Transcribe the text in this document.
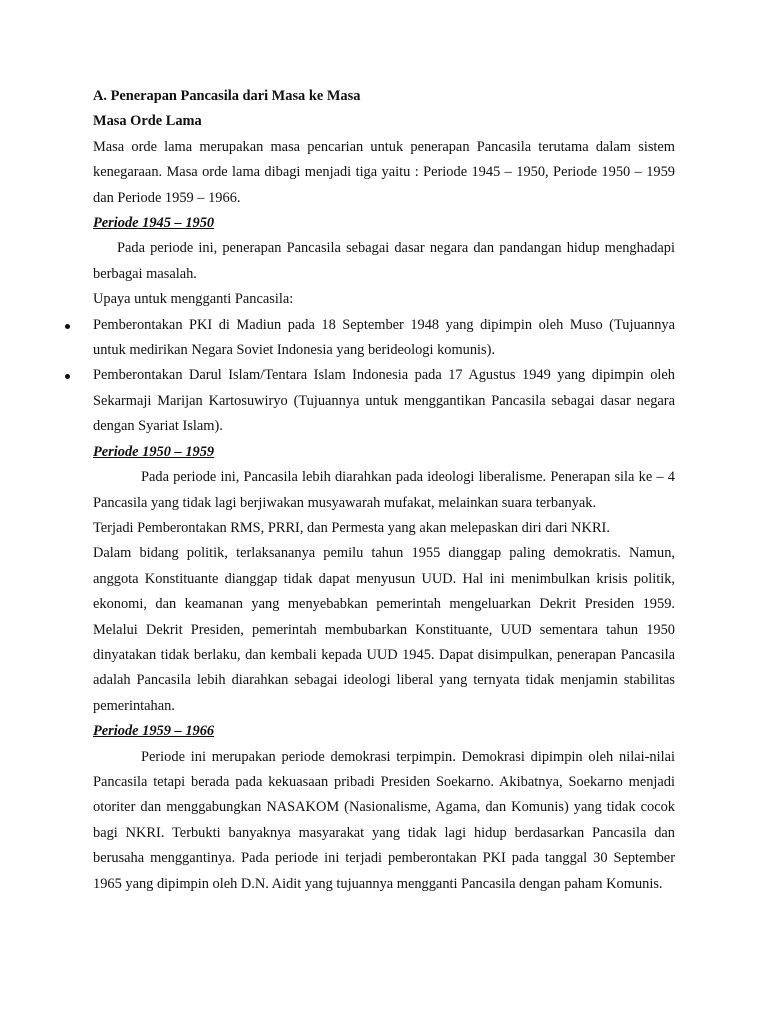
A. Penerapan Pancasila dari Masa ke Masa

Masa Orde Lama

Masa orde lama merupakan masa pencarian untuk penerapan Pancasila terutama dalam sistem kenegaraan. Masa orde lama dibagi menjadi tiga yaitu : Periode 1945 – 1950, Periode 1950 – 1959 dan Periode 1959 – 1966.

Periode 1945 – 1950

Pada periode ini, penerapan Pancasila sebagai dasar negara dan pandangan hidup menghadapi berbagai masalah.

Upaya untuk mengganti Pancasila:

Pemberontakan PKI di Madiun pada 18 September 1948 yang dipimpin oleh Muso (Tujuannya untuk medirikan Negara Soviet Indonesia yang berideologi komunis).
Pemberontakan Darul Islam/Tentara Islam Indonesia pada 17 Agustus 1949 yang dipimpin oleh Sekarmaji Marijan Kartosuwiryo (Tujuannya untuk menggantikan Pancasila sebagai dasar negara dengan Syariat Islam).

Periode 1950 – 1959

Pada periode ini, Pancasila lebih diarahkan pada ideologi liberalisme. Penerapan sila ke – 4 Pancasila yang tidak lagi berjiwakan musyawarah mufakat, melainkan suara terbanyak.

Terjadi Pemberontakan RMS, PRRI, dan Permesta yang akan melepaskan diri dari NKRI.

Dalam bidang politik, terlaksananya pemilu tahun 1955 dianggap paling demokratis. Namun, anggota Konstituante dianggap tidak dapat menyusun UUD. Hal ini menimbulkan krisis politik, ekonomi, dan keamanan yang menyebabkan pemerintah mengeluarkan Dekrit Presiden 1959. Melalui Dekrit Presiden, pemerintah membubarkan Konstituante, UUD sementara tahun 1950 dinyatakan tidak berlaku, dan kembali kepada UUD 1945. Dapat disimpulkan, penerapan Pancasila adalah Pancasila lebih diarahkan sebagai ideologi liberal yang ternyata tidak menjamin stabilitas pemerintahan.

Periode 1959 – 1966

Periode ini merupakan periode demokrasi terpimpin. Demokrasi dipimpin oleh nilai-nilai Pancasila tetapi berada pada kekuasaan pribadi Presiden Soekarno. Akibatnya, Soekarno menjadi otoriter dan menggabungkan NASAKOM (Nasionalisme, Agama, dan Komunis) yang tidak cocok bagi NKRI. Terbukti banyaknya masyarakat yang tidak lagi hidup berdasarkan Pancasila dan berusaha menggantinya. Pada periode ini terjadi pemberontakan PKI pada tanggal 30 September 1965 yang dipimpin oleh D.N. Aidit yang tujuannya mengganti Pancasila dengan paham Komunis.
